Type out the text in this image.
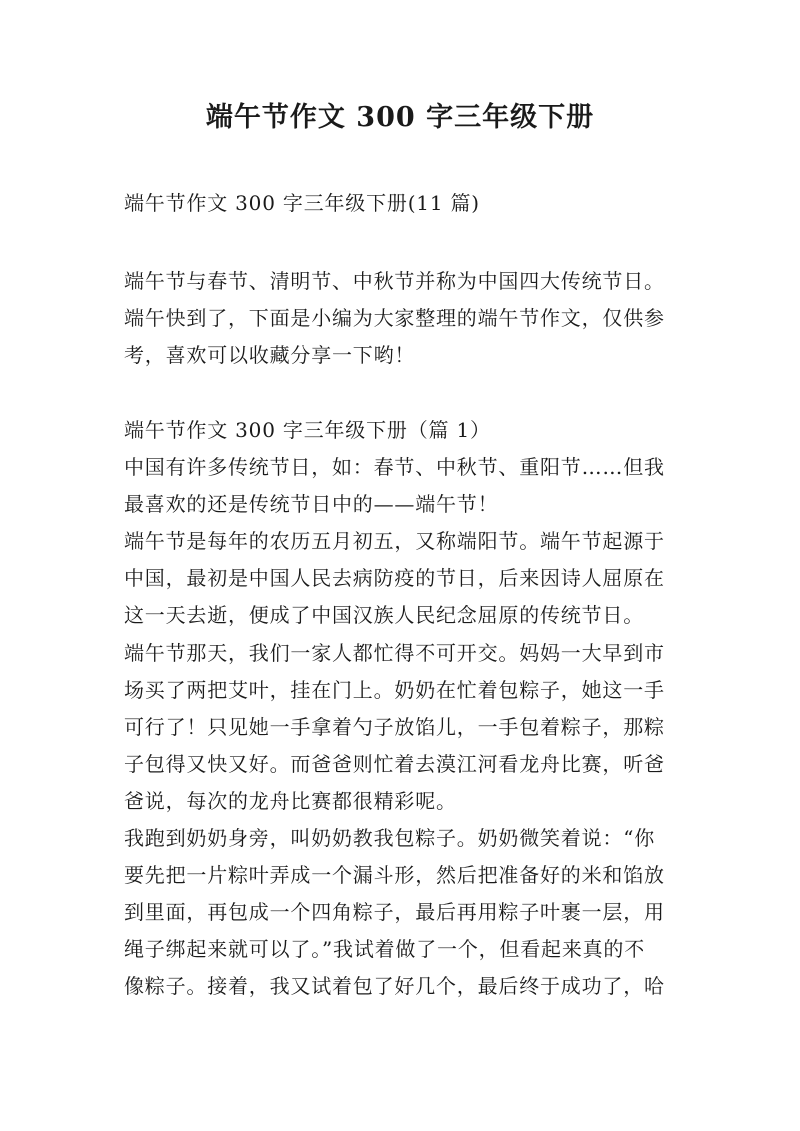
端午节作文 300 字三年级下册
端午节作文 300 字三年级下册(11 篇)
端午节与春节、清明节、中秋节并称为中国四大传统节日。
端午快到了，下面是小编为大家整理的端午节作文，仅供参
考，喜欢可以收藏分享一下哟！
端午节作文 300 字三年级下册（篇 1）
中国有许多传统节日，如：春节、中秋节、重阳节……但我
最喜欢的还是传统节日中的——端午节！
端午节是每年的农历五月初五，又称端阳节。端午节起源于
中国，最初是中国人民去病防疫的节日，后来因诗人屈原在
这一天去逝，便成了中国汉族人民纪念屈原的传统节日。
端午节那天，我们一家人都忙得不可开交。妈妈一大早到市
场买了两把艾叶，挂在门上。奶奶在忙着包粽子，她这一手
可行了！只见她一手拿着勺子放馅儿，一手包着粽子，那粽
子包得又快又好。而爸爸则忙着去漠江河看龙舟比赛，听爸
爸说，每次的龙舟比赛都很精彩呢。
我跑到奶奶身旁，叫奶奶教我包粽子。奶奶微笑着说：“你
要先把一片粽叶弄成一个漏斗形，然后把准备好的米和馅放
到里面，再包成一个四角粽子，最后再用粽子叶裹一层，用
绳子绑起来就可以了。”我试着做了一个，但看起来真的不
像粽子。接着，我又试着包了好几个，最后终于成功了，哈
